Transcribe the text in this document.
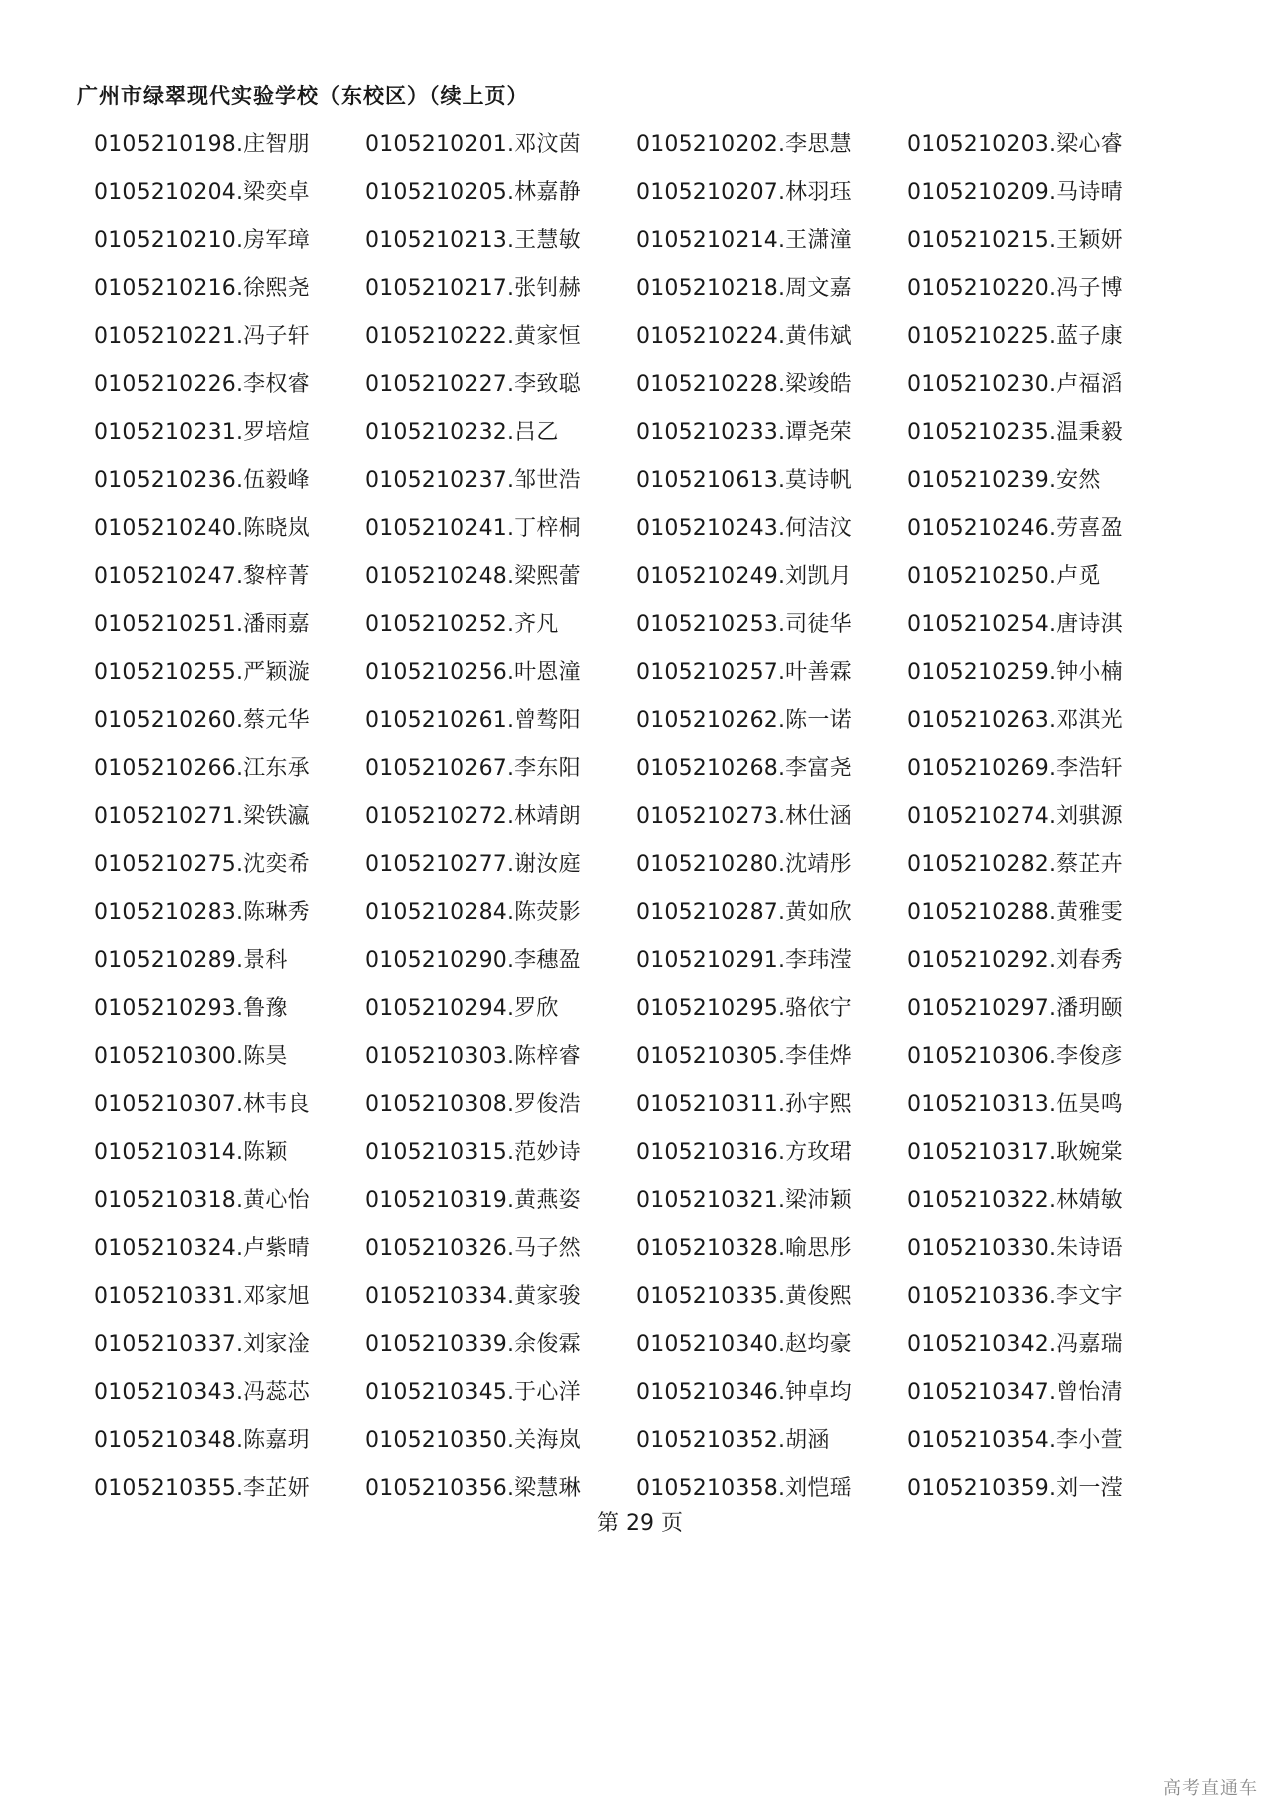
广州市绿翠现代实验学校（东校区）（续上页）
0105210198.庄智朋	0105210201.邓汶茵	0105210202.李思慧	0105210203.梁心睿
0105210204.梁奕卓	0105210205.林嘉静	0105210207.林羽珏	0105210209.马诗晴
0105210210.房军璋	0105210213.王慧敏	0105210214.王潇潼	0105210215.王颖妍
0105210216.徐熙尧	0105210217.张钊赫	0105210218.周文嘉	0105210220.冯子博
0105210221.冯子轩	0105210222.黄家恒	0105210224.黄伟斌	0105210225.蓝子康
0105210226.李权睿	0105210227.李致聪	0105210228.梁竣皓	0105210230.卢福滔
0105210231.罗培煊	0105210232.吕乙	0105210233.谭尧荣	0105210235.温秉毅
0105210236.伍毅峰	0105210237.邹世浩	0105210613.莫诗帆	0105210239.安然
0105210240.陈晓岚	0105210241.丁梓桐	0105210243.何洁汶	0105210246.劳喜盈
0105210247.黎梓菁	0105210248.梁熙蕾	0105210249.刘凯月	0105210250.卢觅
0105210251.潘雨嘉	0105210252.齐凡	0105210253.司徒华	0105210254.唐诗淇
0105210255.严颖漩	0105210256.叶恩潼	0105210257.叶善霖	0105210259.钟小楠
0105210260.蔡元华	0105210261.曾骜阳	0105210262.陈一诺	0105210263.邓淇光
0105210266.江东承	0105210267.李东阳	0105210268.李富尧	0105210269.李浩轩
0105210271.梁铁瀛	0105210272.林靖朗	0105210273.林仕涵	0105210274.刘骐源
0105210275.沈奕希	0105210277.谢汝庭	0105210280.沈靖彤	0105210282.蔡芷卉
0105210283.陈琳秀	0105210284.陈荧影	0105210287.黄如欣	0105210288.黄雅雯
0105210289.景科	0105210290.李穗盈	0105210291.李玮滢	0105210292.刘春秀
0105210293.鲁豫	0105210294.罗欣	0105210295.骆依宁	0105210297.潘玥颐
0105210300.陈昊	0105210303.陈梓睿	0105210305.李佳烨	0105210306.李俊彦
0105210307.林韦良	0105210308.罗俊浩	0105210311.孙宇熙	0105210313.伍昊鸣
0105210314.陈颖	0105210315.范妙诗	0105210316.方玫珺	0105210317.耿婉棠
0105210318.黄心怡	0105210319.黄燕姿	0105210321.梁沛颖	0105210322.林婧敏
0105210324.卢紫晴	0105210326.马子然	0105210328.喻思彤	0105210330.朱诗语
0105210331.邓家旭	0105210334.黄家骏	0105210335.黄俊熙	0105210336.李文宇
0105210337.刘家淦	0105210339.余俊霖	0105210340.赵均豪	0105210342.冯嘉瑞
0105210343.冯蕊芯	0105210345.于心洋	0105210346.钟卓均	0105210347.曾怡清
0105210348.陈嘉玥	0105210350.关海岚	0105210352.胡涵	0105210354.李小萱
0105210355.李芷妍	0105210356.梁慧琳	0105210358.刘恺瑶	0105210359.刘一滢
第 29 页
高考直通车
